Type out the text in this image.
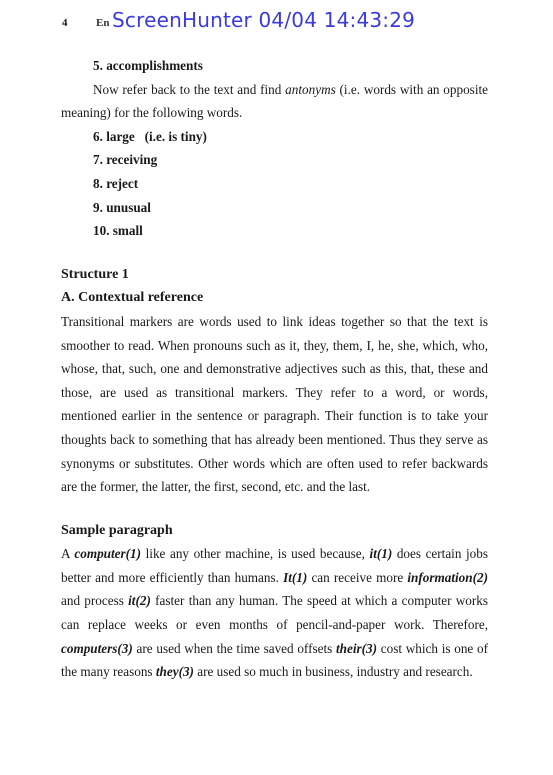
4	En ScreenHunter 04/04 14:43:29
5. accomplishments

Now refer back to the text and find antonyms (i.e. words with an opposite meaning) for the following words.

6. large   (i.e. is tiny)
7. receiving
8. reject
9. unusual
10. small
Structure 1
A. Contextual reference

Transitional markers are words used to link ideas together so that the text is smoother to read. When pronouns such as it, they, them, I, he, she, which, who, whose, that, such, one and demonstrative adjectives such as this, that, these and those, are used as transitional markers. They refer to a word, or words, mentioned earlier in the sentence or paragraph. Their function is to take your thoughts back to something that has already been mentioned. Thus they serve as synonyms or substitutes. Other words which are often used to refer backwards are the former, the latter, the first, second, etc. and the last.

Sample paragraph

A computer(1) like any other machine, is used because, it(1) does certain jobs better and more efficiently than humans. It(1) can receive more information(2) and process it(2) faster than any human. The speed at which a computer works can replace weeks or even months of pencil-and-paper work. Therefore, computers(3) are used when the time saved offsets their(3) cost which is one of the many reasons they(3) are used so much in business, industry and research.
